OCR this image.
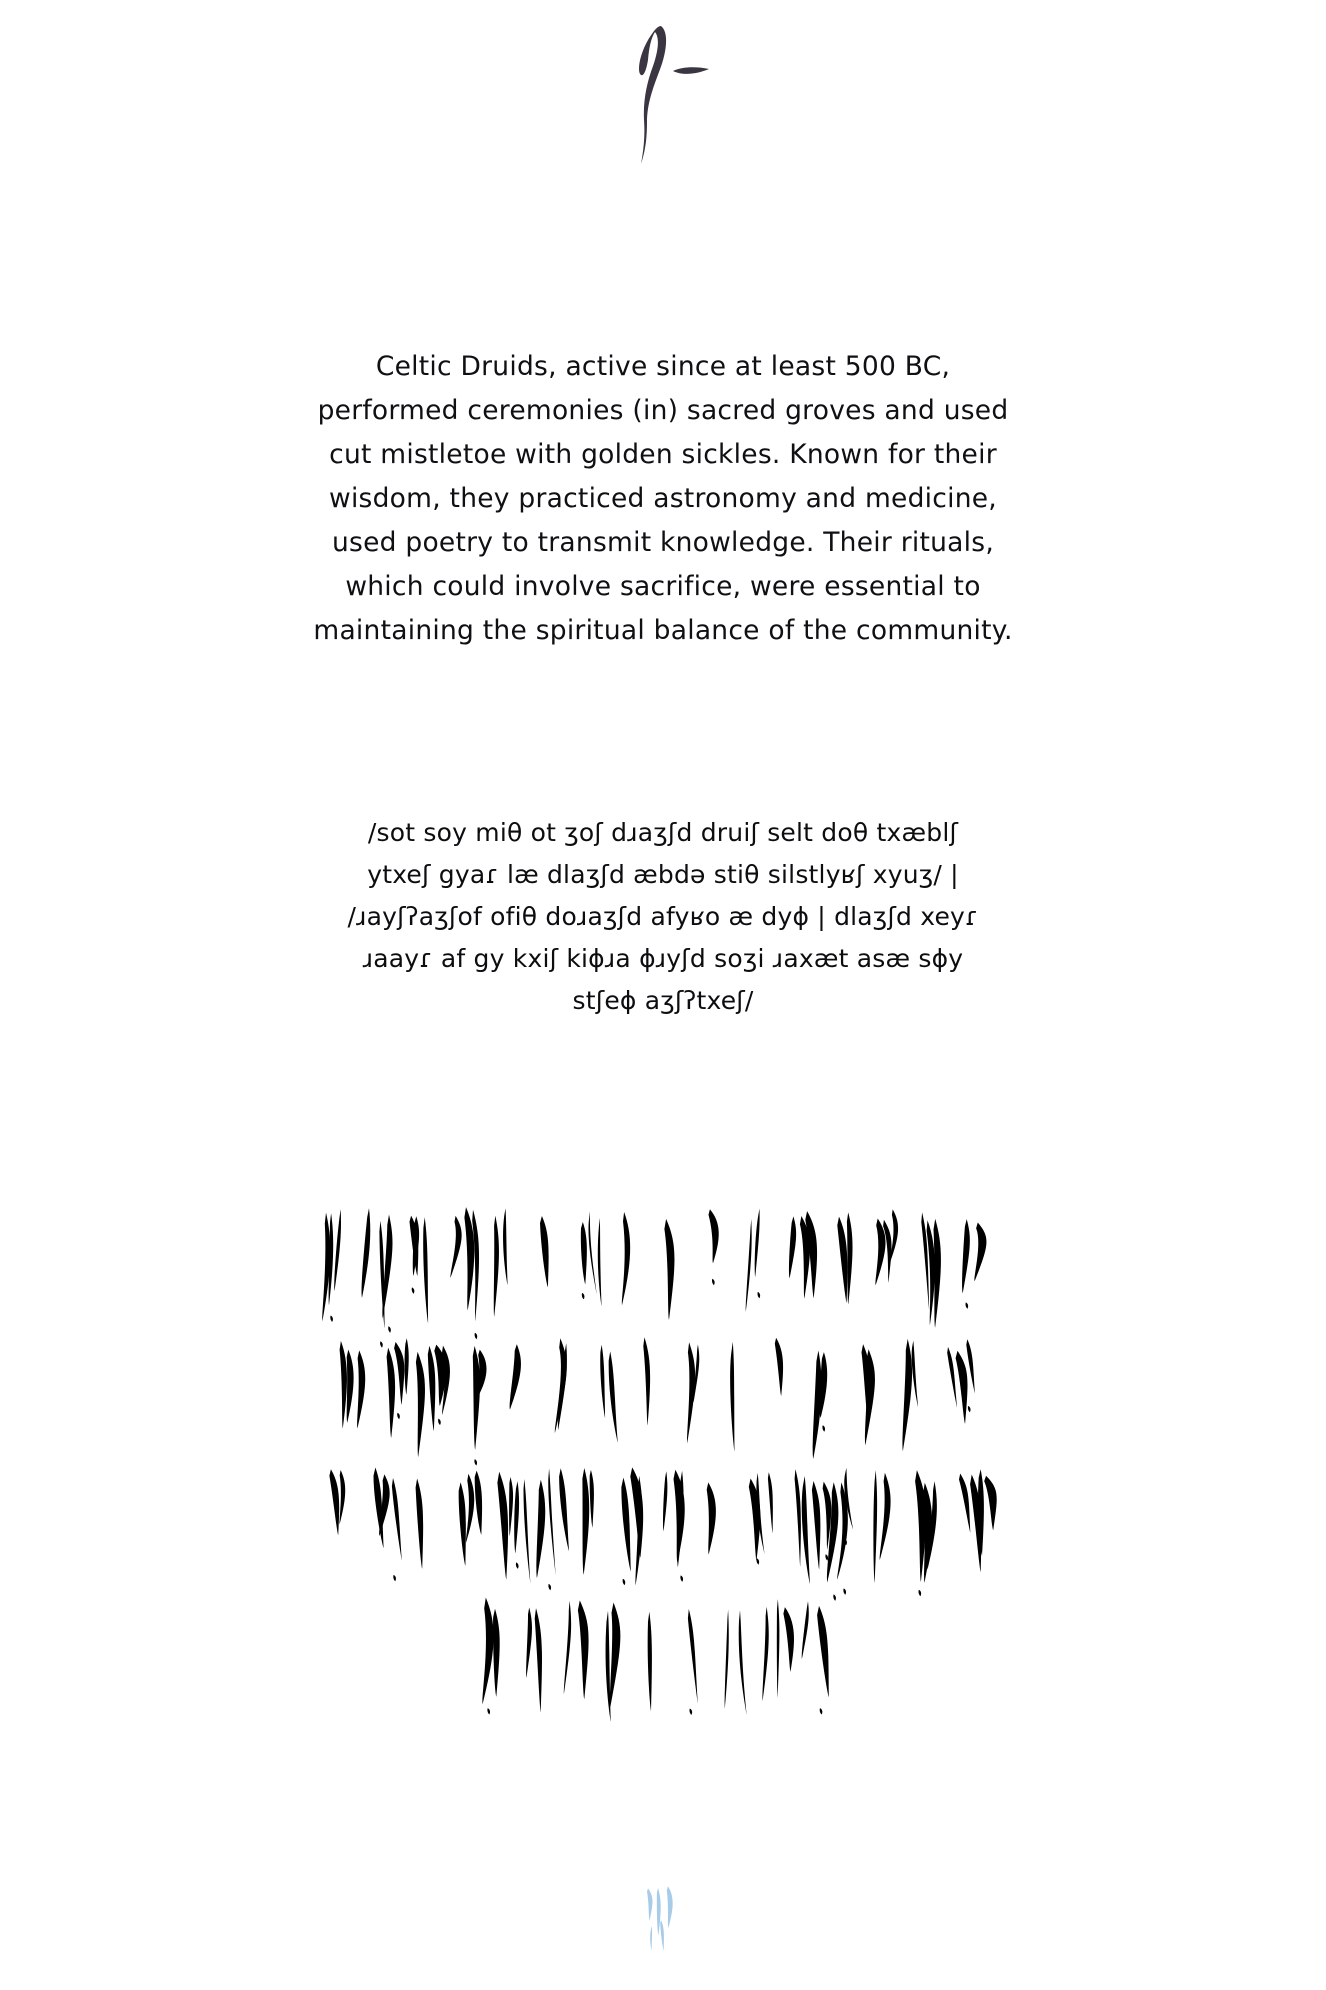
Celtic Druids, active since at least 500 BC,
performed ceremonies (in) sacred groves and used
cut mistletoe with golden sickles. Known for their
wisdom, they practiced astronomy and medicine,
used poetry to transmit knowledge. Their rituals,
which could involve sacrifice, were essential to
maintaining the spiritual balance of the community.
/sot soy miθ ot ʒoʃ dɹaʒʃd druiʃ selt doθ txæblʃ
ytxeʃ gyaɾ læ dlaʒʃd æbdə stiθ silstlyʁʃ xyuʒ/ |
/ɹayʃʔaʒʃof ofiθ doɹaʒʃd afyʁo æ dyɸ | dlaʒʃd xeyɾ
ɹaayɾ af gy kxiʃ kiɸɹa ɸɹyʃd soʒi ɹaxæt asæ sɸy
stʃeɸ aʒʃʔtxeʃ/
